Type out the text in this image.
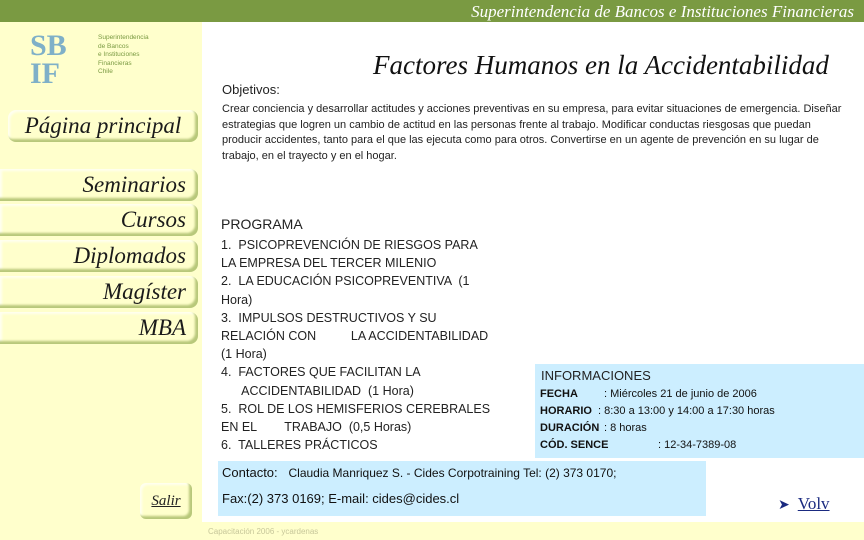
Superintendencia de Bancos e Instituciones Financieras
SB IF
Superintendencia
de Bancos
e Instituciones
Financieras
Chile
Página principal
Seminarios
Cursos
Diplomados
Magíster
MBA
Salir
Factores Humanos en la Accidentabilidad
Objetivos:
Crear conciencia y desarrollar actitudes y acciones preventivas en su empresa, para evitar situaciones de emergencia. Diseñar estrategias que logren un cambio de actitud en las personas frente al trabajo. Modificar conductas riesgosas que puedan producir accidentes, tanto para el que las ejecuta como para otros. Convertirse en un agente de prevención en su lugar de trabajo, en el trayecto y en el hogar.
PROGRAMA
1.  PSICOPREVENCIÓN DE RIESGOS PARA
LA EMPRESA DEL TERCER MILENIO
2.  LA EDUCACIÓN PSICOPREVENTIVA  (1
Hora)
3.  IMPULSOS DESTRUCTIVOS Y SU
RELACIÓN CON          LA ACCIDENTABILIDAD
(1 Hora)
4.  FACTORES QUE FACILITAN LA
ACCIDENTABILIDAD  (1 Hora)
5.  ROL DE LOS HEMISFERIOS CEREBRALES
EN EL        TRABAJO  (0,5 Horas)
6.  TALLERES PRÁCTICOS
INFORMACIONES
FECHA : Miércoles 21 de junio de 2006
HORARIO : 8:30 a 13:00 y 14:00 a 17:30 horas
DURACIÓN : 8 horas
CÓD. SENCE	: 12-34-7389-08
Contacto: Claudia Manriquez S. - Cides Corpotraining Tel: (2) 373 0170;
Fax:(2) 373 0169; E-mail: cides@cides.cl	➤ Volv
Capacitación 2006 - ycardenas
